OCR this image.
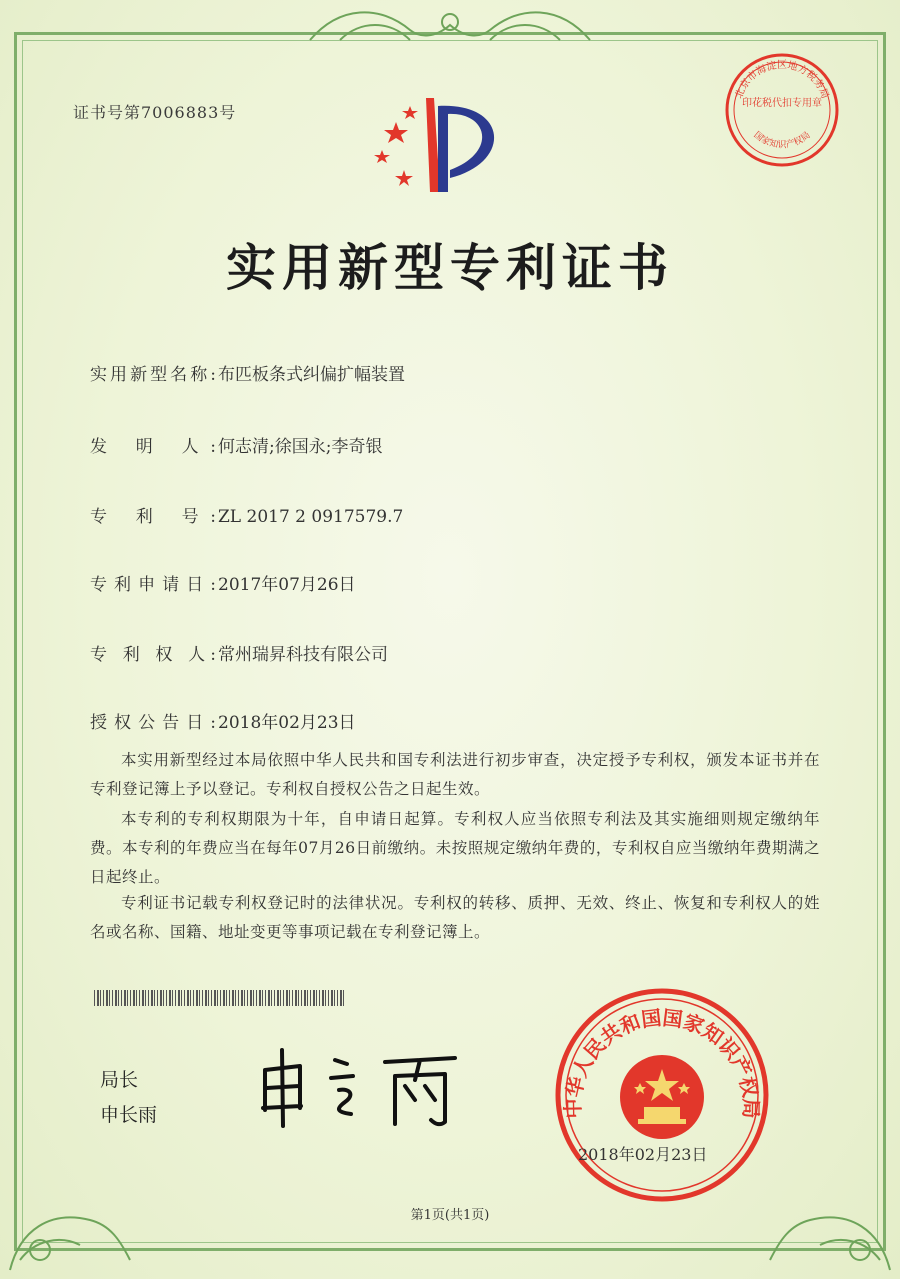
证书号第7006883号
北京市海淀区地方税务局
印花税代扣专用章
国家知识产权局
实用新型专利证书
实用新型名称: 布匹板条式纠偏扩幅装置
发 明 人: 何志清;徐国永;李奇银
专 利 号: ZL 2017 2 0917579.7
专利申请日: 2017年07月26日
专 利 权 人: 常州瑞昇科技有限公司
授权公告日: 2018年02月23日
本实用新型经过本局依照中华人民共和国专利法进行初步审查，决定授予专利权，颁发本证书并在专利登记簿上予以登记。专利权自授权公告之日起生效。
本专利的专利权期限为十年，自申请日起算。专利权人应当依照专利法及其实施细则规定缴纳年费。本专利的年费应当在每年07月26日前缴纳。未按照规定缴纳年费的，专利权自应当缴纳年费期满之日起终止。
专利证书记载专利权登记时的法律状况。专利权的转移、质押、无效、终止、恢复和专利权人的姓名或名称、国籍、地址变更等事项记载在专利登记簿上。
局长
申长雨	中华人民共和国国家知识产权局
2018年02月23日
第1页(共1页)
